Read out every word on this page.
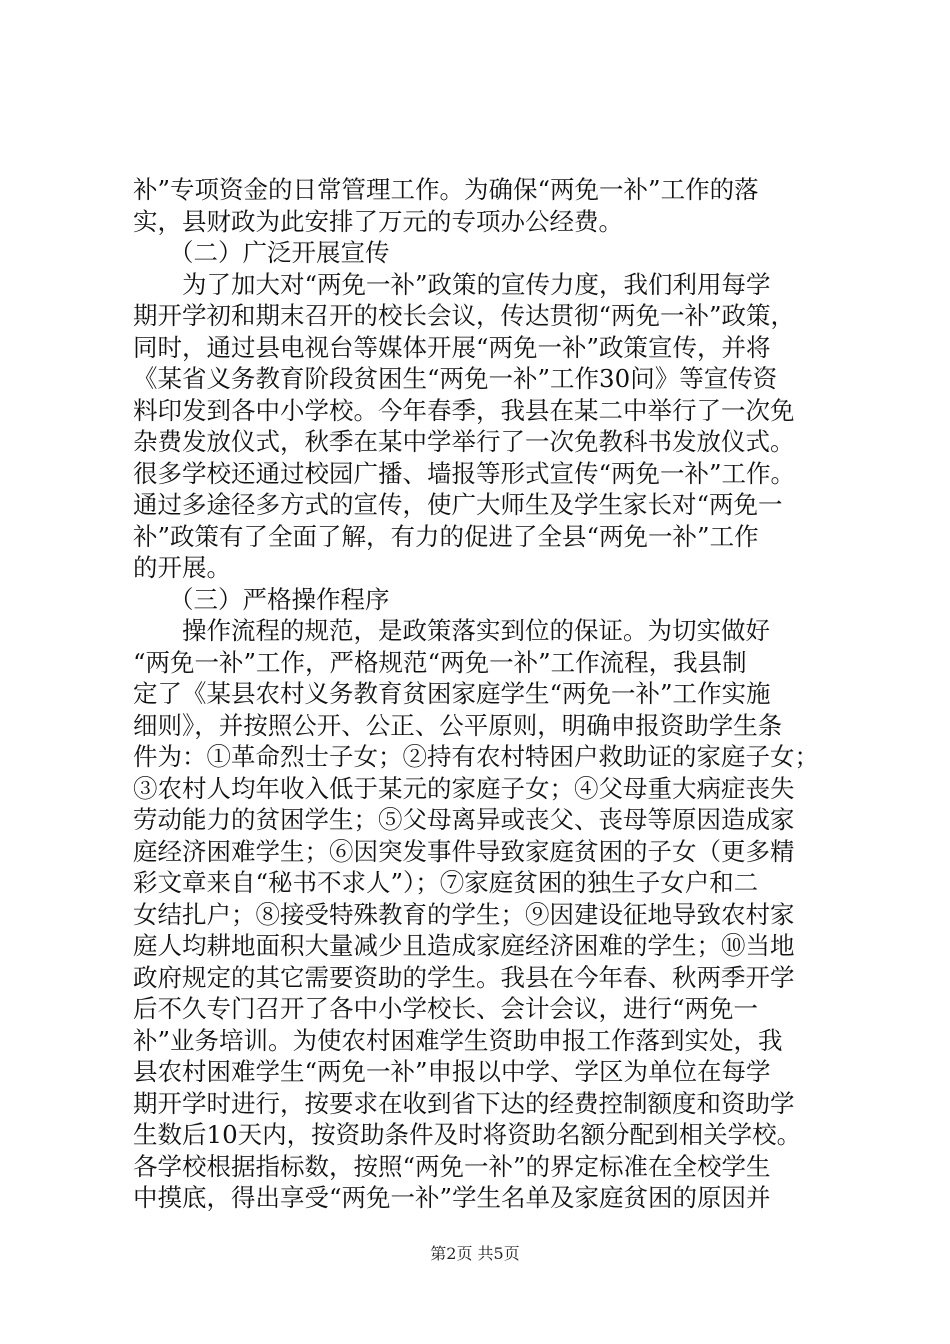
补”专项资金的日常管理工作。为确保“两免一补”工作的落
实，县财政为此安排了万元的专项办公经费。
（二）广泛开展宣传
为了加大对“两免一补”政策的宣传力度，我们利用每学
期开学初和期末召开的校长会议，传达贯彻“两免一补”政策，
同时，通过县电视台等媒体开展“两免一补”政策宣传，并将
《某省义务教育阶段贫困生“两免一补”工作30问》等宣传资
料印发到各中小学校。今年春季，我县在某二中举行了一次免
杂费发放仪式，秋季在某中学举行了一次免教科书发放仪式。
很多学校还通过校园广播、墙报等形式宣传“两免一补”工作。
通过多途径多方式的宣传，使广大师生及学生家长对“两免一
补”政策有了全面了解，有力的促进了全县“两免一补”工作
的开展。
（三）严格操作程序
操作流程的规范，是政策落实到位的保证。为切实做好
“两免一补”工作，严格规范“两免一补”工作流程，我县制
定了《某县农村义务教育贫困家庭学生“两免一补”工作实施
细则》，并按照公开、公正、公平原则，明确申报资助学生条
件为：①革命烈士子女；②持有农村特困户救助证的家庭子女；
③农村人均年收入低于某元的家庭子女；④父母重大病症丧失
劳动能力的贫困学生；⑤父母离异或丧父、丧母等原因造成家
庭经济困难学生；⑥因突发事件导致家庭贫困的子女（更多精
彩文章来自“秘书不求人”）；⑦家庭贫困的独生子女户和二
女结扎户；⑧接受特殊教育的学生；⑨因建设征地导致农村家
庭人均耕地面积大量减少且造成家庭经济困难的学生；⑩当地
政府规定的其它需要资助的学生。我县在今年春、秋两季开学
后不久专门召开了各中小学校长、会计会议，进行“两免一
补”业务培训。为使农村困难学生资助申报工作落到实处，我
县农村困难学生“两免一补”申报以中学、学区为单位在每学
期开学时进行，按要求在收到省下达的经费控制额度和资助学
生数后10天内，按资助条件及时将资助名额分配到相关学校。
各学校根据指标数，按照“两免一补”的界定标准在全校学生
中摸底，得出享受“两免一补”学生名单及家庭贫困的原因并
第2页 共5页
